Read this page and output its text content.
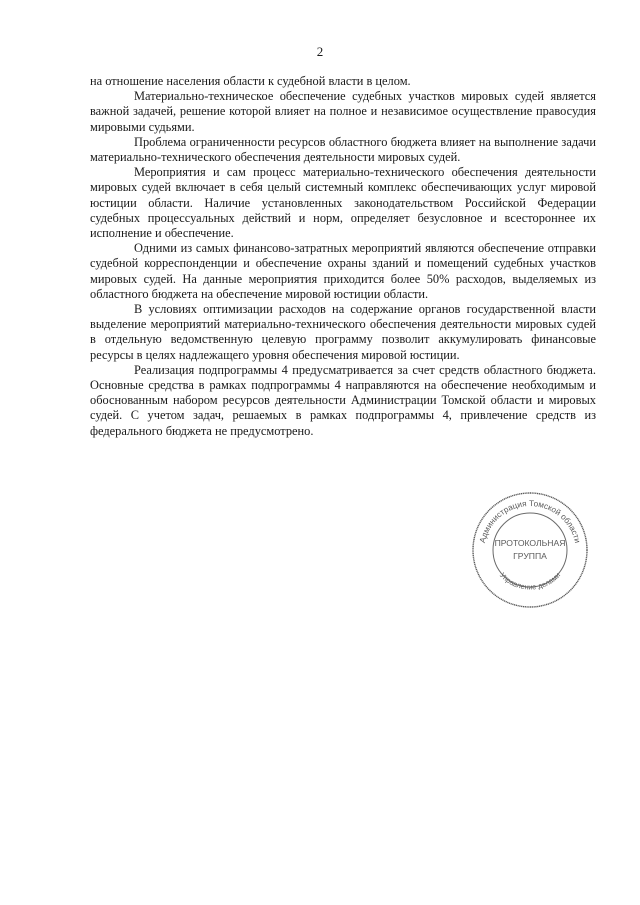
2

на отношение населения области к судебной власти в целом.

Материально-техническое обеспечение судебных участков мировых судей является важной задачей, решение которой влияет на полное и независимое осуществление правосудия мировыми судьями.

Проблема ограниченности ресурсов областного бюджета влияет на выполнение задачи материально-технического обеспечения деятельности мировых судей.

Мероприятия и сам процесс материально-технического обеспечения деятельности мировых судей включает в себя целый системный комплекс обеспечивающих услуг мировой юстиции области. Наличие установленных законодательством Российской Федерации судебных процессуальных действий и норм, определяет безусловное и всестороннее их исполнение и обеспечение.

Одними из самых финансово-затратных мероприятий являются обеспечение отправки судебной корреспонденции и обеспечение охраны зданий и помещений судебных участков мировых судей. На данные мероприятия приходится более 50% расходов, выделяемых из областного бюджета на обеспечение мировой юстиции области.

В условиях оптимизации расходов на содержание органов государственной власти выделение мероприятий материально-технического обеспечения деятельности мировых судей в отдельную ведомственную целевую программу позволит аккумулировать финансовые ресурсы в целях надлежащего уровня обеспечения мировой юстиции.

Реализация подпрограммы 4 предусматривается за счет средств областного бюджета. Основные средства в рамках подпрограммы 4 направляются на обеспечение необходимым и обоснованным набором ресурсов деятельности Администрации Томской области и мировых судей. С учетом задач, решаемых в рамках подпрограммы 4, привлечение средств из федерального бюджета не предусмотрено.

Администрация Томской области
Управление делами
ПРОТОКОЛЬНАЯ
ГРУППА
